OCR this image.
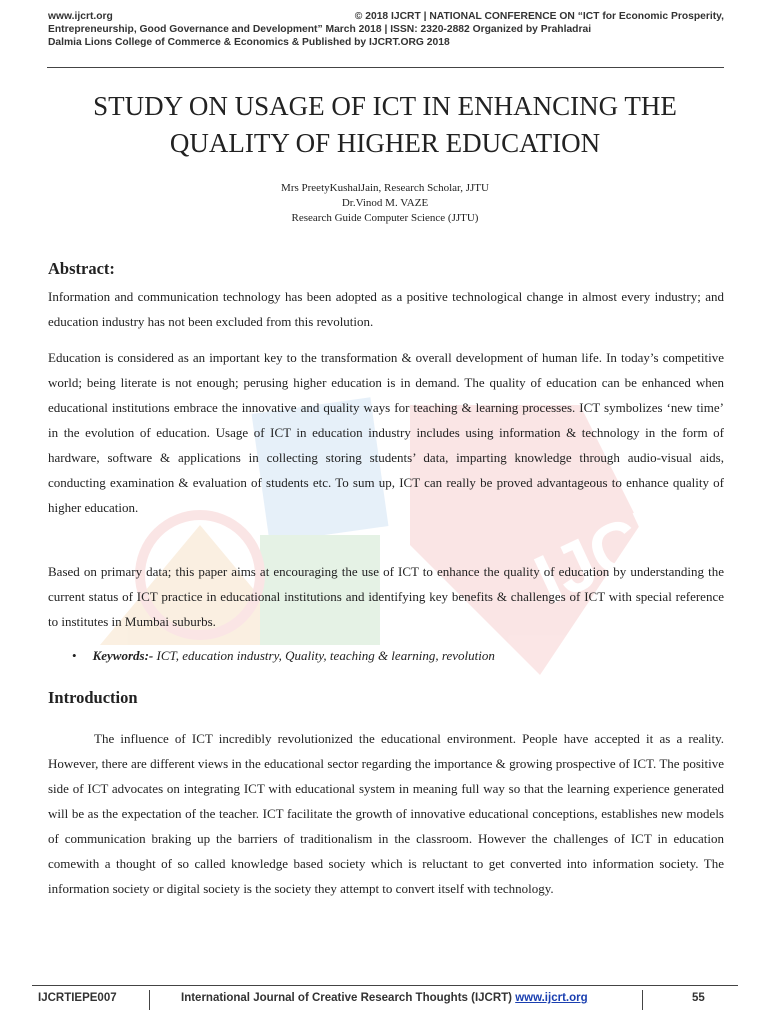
IJCRT
www.ijcrt.org	© 2018 IJCRT | NATIONAL CONFERENCE ON “ICT for Economic Prosperity,
Entrepreneurship, Good Governance and Development” March 2018 | ISSN: 2320-2882 Organized by Prahladrai
Dalmia Lions College of Commerce & Economics & Published by IJCRT.ORG 2018
STUDY ON USAGE OF ICT IN ENHANCING THE
QUALITY OF HIGHER EDUCATION
Mrs PreetyKushalJain, Research Scholar, JJTU
Dr.Vinod M. VAZE
Research Guide Computer Science (JJTU)
Abstract:
Information and communication technology has been adopted as a positive technological change in almost every industry; and education industry has not been excluded from this revolution.
Education is considered as an important key to the transformation & overall development of human life. In today’s competitive world; being literate is not enough; perusing higher education is in demand. The quality of education can be enhanced when educational institutions embrace the innovative and quality ways for teaching & learning processes. ICT symbolizes ‘new time’ in the evolution of education. Usage of ICT in education industry includes using information & technology in the form of hardware, software & applications in collecting storing students’ data, imparting knowledge through audio-visual aids, conducting examination & evaluation of students etc. To sum up, ICT can really be proved advantageous to enhance quality of higher education.
Based on primary data; this paper aims at encouraging the use of ICT to enhance the quality of education by understanding the current status of ICT practice in educational institutions and identifying key benefits & challenges of ICT with special reference to institutes in Mumbai suburbs.
• Keywords:- ICT, education industry, Quality, teaching & learning, revolution
Introduction
The influence of ICT incredibly revolutionized the educational environment. People have accepted it as a reality. However, there are different views in the educational sector regarding the importance & growing prospective of ICT. The positive side of ICT advocates on integrating ICT with educational system in meaning full way so that the learning experience generated will be as the expectation of the teacher. ICT facilitate the growth of innovative educational conceptions, establishes new models of communication braking up the barriers of traditionalism in the classroom. However the challenges of ICT in education comewith a thought of so called knowledge based society which is reluctant to get converted into information society. The information society or digital society is the society they attempt to convert itself with technology.
IJCRTIEPE007	International Journal of Creative Research Thoughts (IJCRT) www.ijcrt.org	55
